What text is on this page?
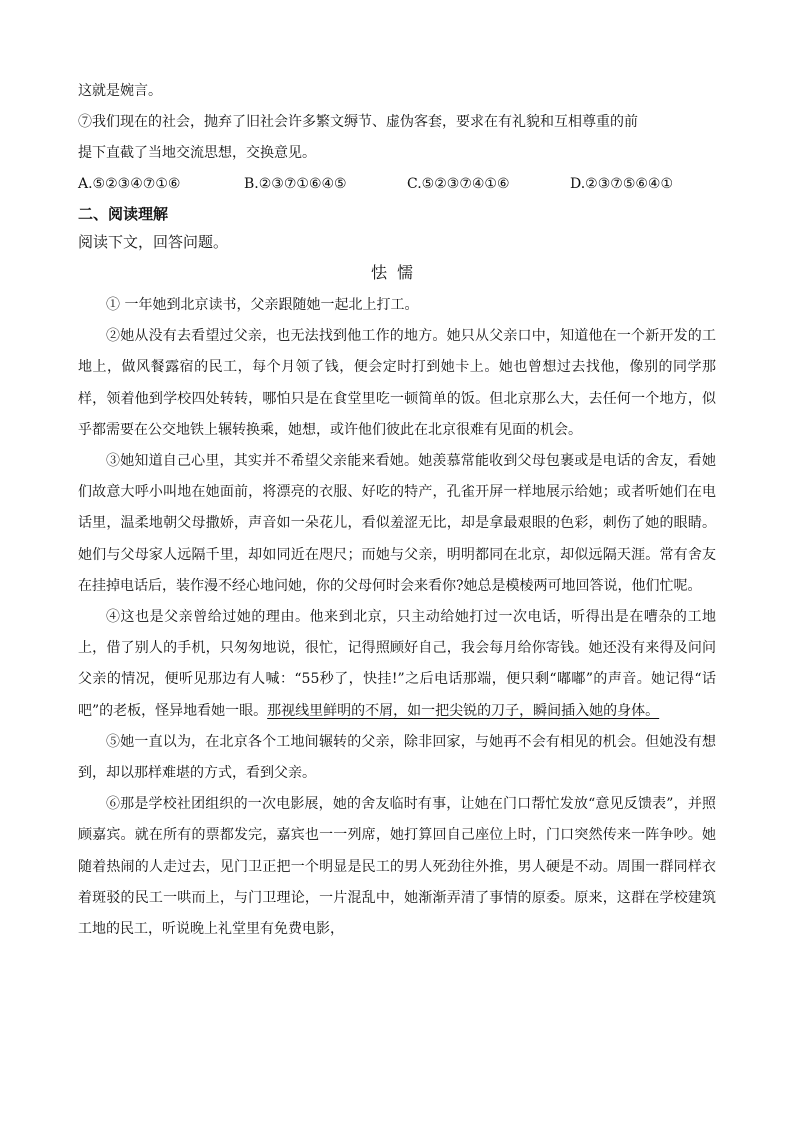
这就是婉言。

⑦我们现在的社会，抛弃了旧社会许多繁文缛节、虚伪客套，要求在有礼貌和互相尊重的前

提下直截了当地交流思想，交换意见。

A.⑤②③④⑦①⑥	B.②③⑦①⑥④⑤	C.⑤②③⑦④①⑥	D.②③⑦⑤⑥④①

二、阅读理解

阅读下文，回答问题。

怯懦

① 一年她到北京读书，父亲跟随她一起北上打工。

②她从没有去看望过父亲，也无法找到他工作的地方。她只从父亲口中，知道他在一个新开发的工地上，做风餐露宿的民工，每个月领了钱，便会定时打到她卡上。她也曾想过去找他，像别的同学那样，领着他到学校四处转转，哪怕只是在食堂里吃一顿简单的饭。但北京那么大，去任何一个地方，似乎都需要在公交地铁上辗转换乘，她想，或许他们彼此在北京很难有见面的机会。

③她知道自己心里，其实并不希望父亲能来看她。她羡慕常能收到父母包裹或是电话的舍友，看她们故意大呼小叫地在她面前，将漂亮的衣服、好吃的特产，孔雀开屏一样地展示给她；或者听她们在电话里，温柔地朝父母撒娇，声音如一朵花儿，看似羞涩无比，却是拿最艰眼的色彩，刺伤了她的眼睛。她们与父母家人远隔千里，却如同近在咫尺；而她与父亲，明明都同在北京，却似远隔天涯。常有舍友在挂掉电话后，装作漫不经心地问她，你的父母何时会来看你?她总是模棱两可地回答说，他们忙呢。

④这也是父亲曾给过她的理由。他来到北京，只主动给她打过一次电话，听得出是在嘈杂的工地上，借了别人的手机，只匆匆地说，很忙，记得照顾好自己，我会每月给你寄钱。她还没有来得及问问父亲的情况，便听见那边有人喊：“55秒了，快挂!”之后电话那端，便只剩“嘟嘟”的声音。她记得“话吧”的老板，怪异地看她一眼。那视线里鲜明的不屑，如一把尖锐的刀子，瞬间插入她的身体。

⑤她一直以为，在北京各个工地间辗转的父亲，除非回家，与她再不会有相见的机会。但她没有想到，却以那样难堪的方式，看到父亲。

⑥那是学校社团组织的一次电影展，她的舍友临时有事，让她在门口帮忙发放“意见反馈表”，并照顾嘉宾。就在所有的票都发完，嘉宾也一一列席，她打算回自己座位上时，门口突然传来一阵争吵。她随着热闹的人走过去，见门卫正把一个明显是民工的男人死劲往外推，男人硬是不动。周围一群同样衣着斑驳的民工一哄而上，与门卫理论，一片混乱中，她渐渐弄清了事情的原委。原来，这群在学校建筑工地的民工，听说晚上礼堂里有免费电影，
